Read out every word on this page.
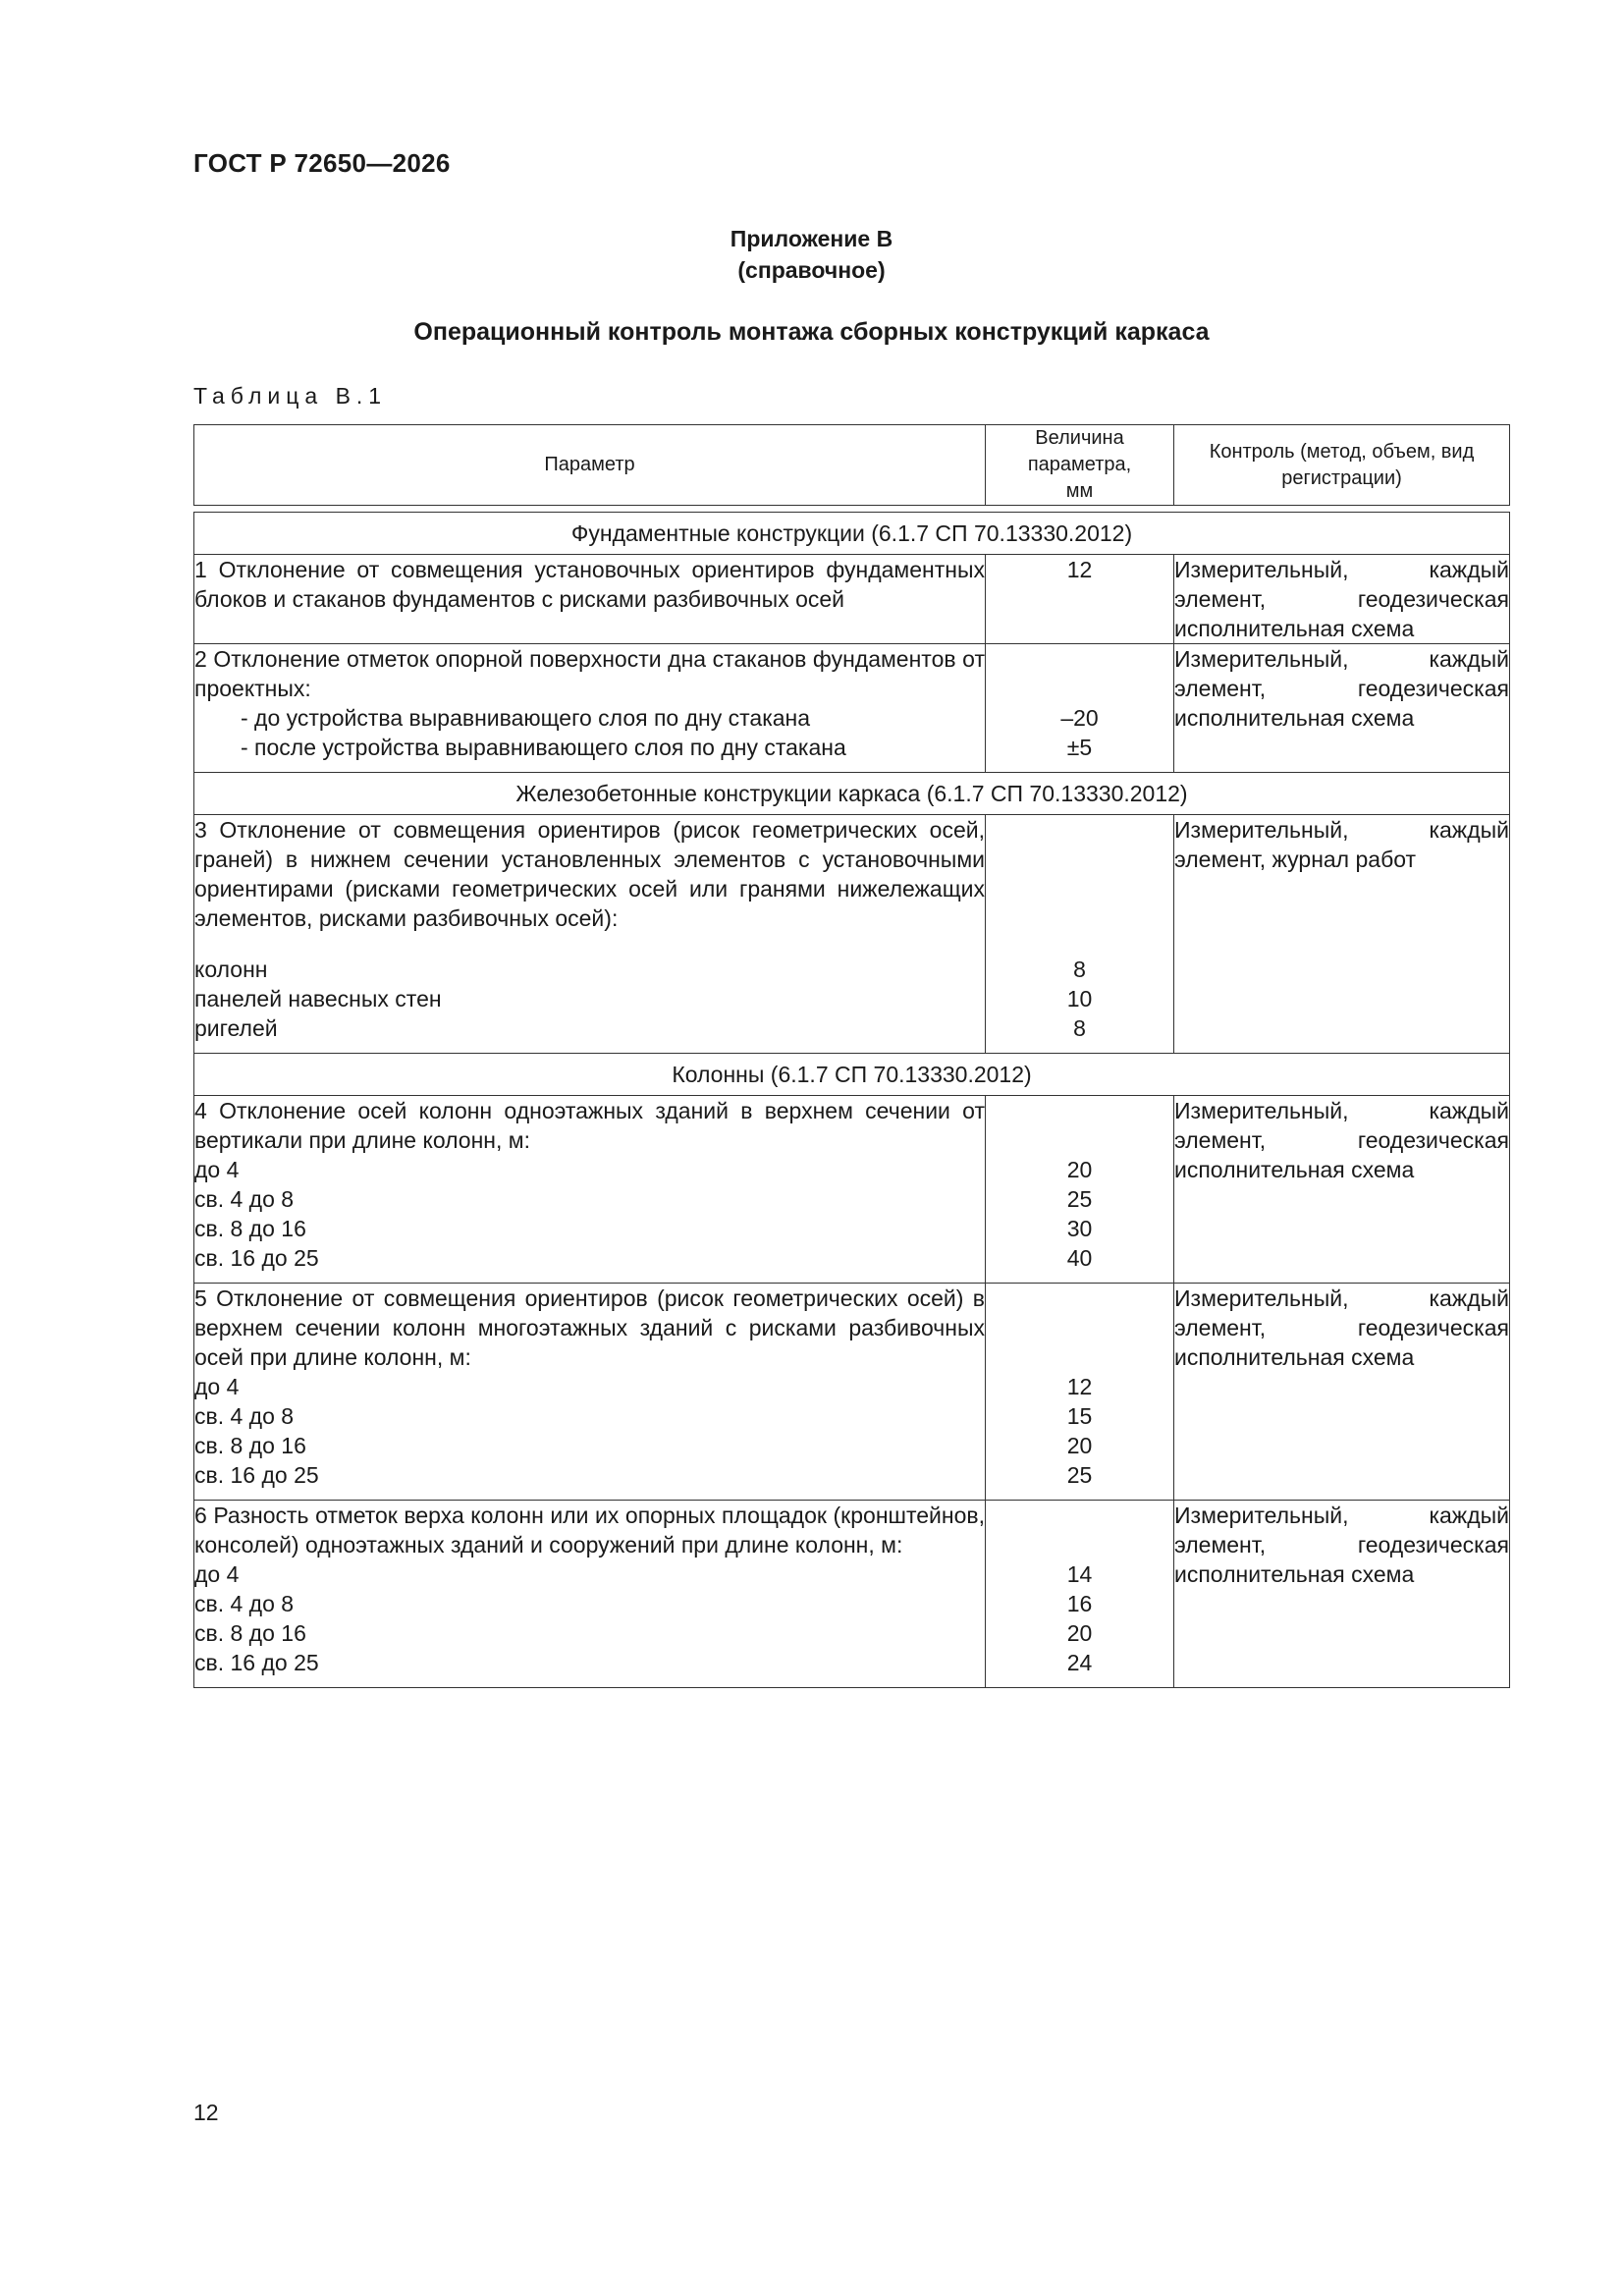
ГОСТ Р 72650—2026
Приложение В
(справочное)
Операционный контроль монтажа сборных конструкций каркаса
Таблица В.1
Параметр	Величина параметра, мм	Контроль (метод, объем, вид регистрации)

Фундаментные конструкции (6.1.7 СП 70.13330.2012)		
1 Отклонение от совмещения установочных ориентиров фундаментных блоков и стаканов фундаментов с рисками разбивочных осей	12	Измерительный, каждый элемент, геодезическая исполнительная схема
2 Отклонение отметок опорной поверхности дна стаканов фундаментов от проектных:		Измерительный, каждый элемент, геодезическая исполнительная схема
- до устройства выравнивающего слоя по дну стакана	–20	
- после устройства выравнивающего слоя по дну стакана	±5	
Железобетонные конструкции каркаса (6.1.7 СП 70.13330.2012)		
3 Отклонение от совмещения ориентиров (рисок геометрических осей, граней) в нижнем сечении установленных элементов с установочными ориентирами (рисками геометрических осей или гранями нижележащих элементов, рисками разбивочных осей):		Измерительный, каждый элемент, журнал работ

колонн	8	
панелей навесных стен	10	
ригелей	8	
Колонны (6.1.7 СП 70.13330.2012)		
4 Отклонение осей колонн одноэтажных зданий в верхнем сечении от вертикали при длине колонн, м:		Измерительный, каждый элемент, геодезическая исполнительная схема
до 4	20	
св. 4 до 8	25	
св. 8 до 16	30	
св. 16 до 25	40	
5 Отклонение от совмещения ориентиров (рисок геометрических осей) в верхнем сечении колонн многоэтажных зданий с рисками разбивочных осей при длине колонн, м:		Измерительный, каждый элемент, геодезическая исполнительная схема
до 4	12	
св. 4 до 8	15	
св. 8 до 16	20	
св. 16 до 25	25	
6 Разность отметок верха колонн или их опорных площадок (кронштейнов, консолей) одноэтажных зданий и сооружений при длине колонн, м:		Измерительный, каждый элемент, геодезическая исполнительная схема
до 4	14	
св. 4 до 8	16	
св. 8 до 16	20	
св. 16 до 25	24	
12
